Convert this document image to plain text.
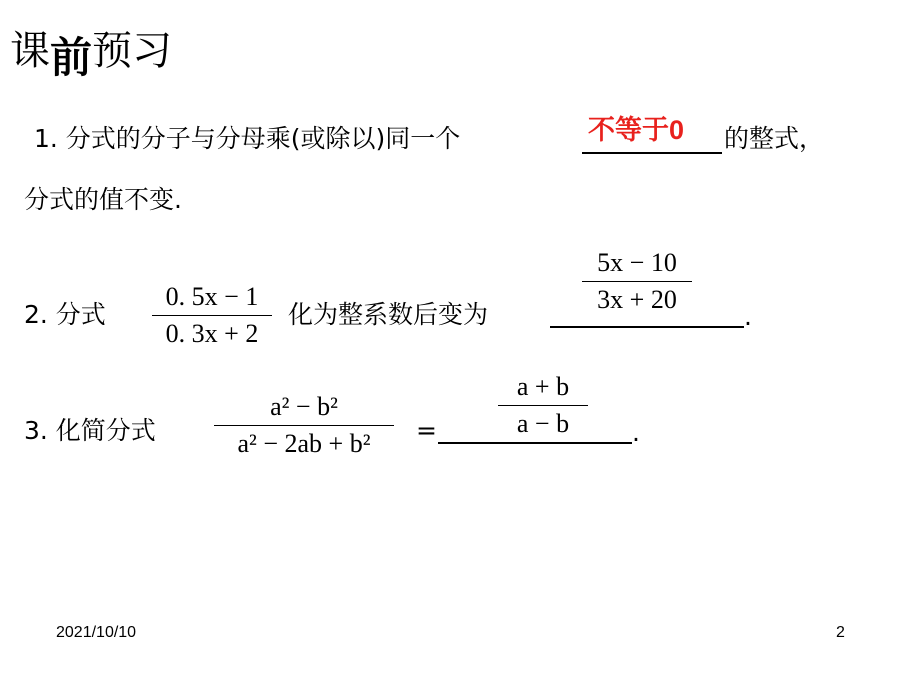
课前预习
1. 分式的分子与分母乘(或除以)同一个	不等于0 的整式，
分式的值不变.
2. 分式
0. 5x − 1
0. 3x + 2
化为整系数后变为	.
5x − 10
3x + 20
3. 化简分式
a² − b²
a² − 2ab + b²	=	.
a + b
a − b
2021/10/10	2
